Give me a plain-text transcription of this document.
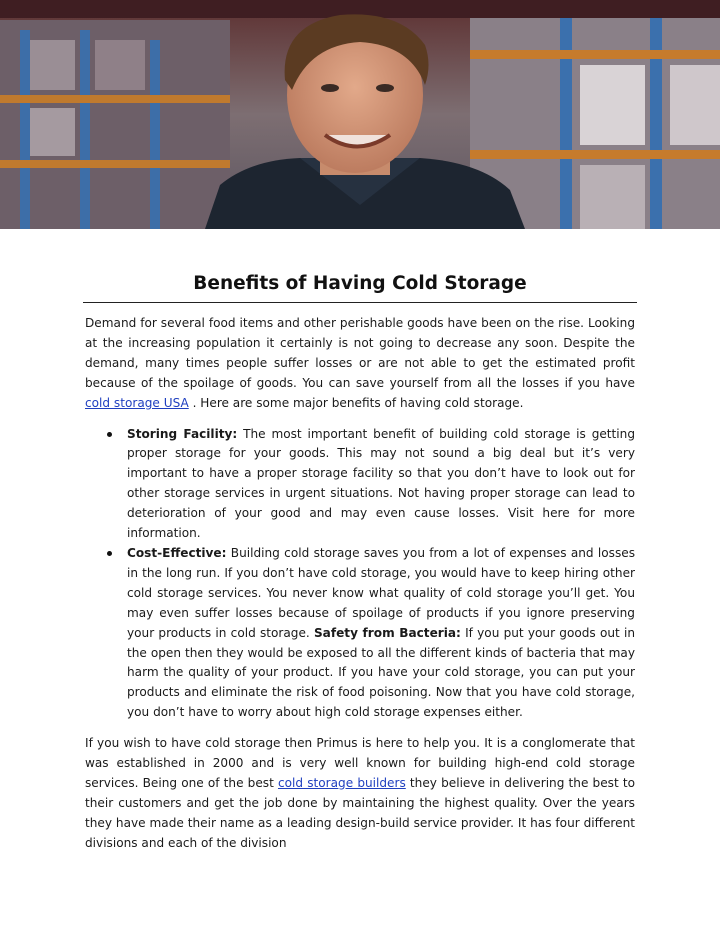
Benefits of Having Cold Storage

Demand for several food items and other perishable goods have been on the rise. Looking at the increasing population it certainly is not going to decrease any soon. Despite the demand, many times people suffer losses or are not able to get the estimated profit because of the spoilage of goods. You can save yourself from all the losses if you have cold storage USA . Here are some major benefits of having cold storage.

Storing Facility: The most important benefit of building cold storage is getting proper storage for your goods. This may not sound a big deal but it’s very important to have a proper storage facility so that you don’t have to look out for other storage services in urgent situations. Not having proper storage can lead to deterioration of your good and may even cause losses. Visit here for more information.
Cost-Effective: Building cold storage saves you from a lot of expenses and losses in the long run. If you don’t have cold storage, you would have to keep hiring other cold storage services. You never know what quality of cold storage you’ll get. You may even suffer losses because of spoilage of products if you ignore preserving your products in cold storage. Safety from Bacteria: If you put your goods out in the open then they would be exposed to all the different kinds of bacteria that may harm the quality of your product. If you have your cold storage, you can put your products and eliminate the risk of food poisoning. Now that you have cold storage, you don’t have to worry about high cold storage expenses either.

If you wish to have cold storage then Primus is here to help you. It is a conglomerate that was established in 2000 and is very well known for building high-end cold storage services. Being one of the best cold storage builders they believe in delivering the best to their customers and get the job done by maintaining the highest quality. Over the years they have made their name as a leading design-build service provider. It has four different divisions and each of the division
